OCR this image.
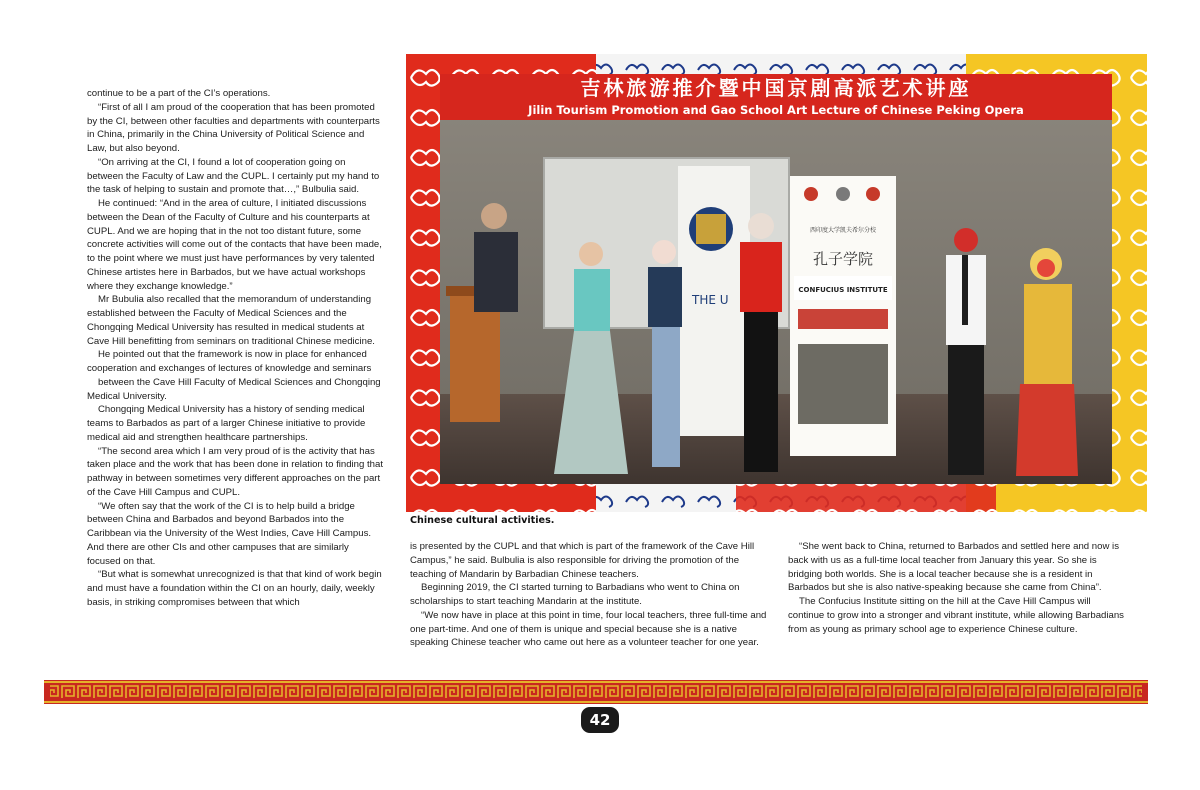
continue to be a part of the CI’s operations.

“First of all I am proud of the cooperation that has been promoted by the CI, between other faculties and departments with counterparts in China, primarily in the China University of Political Science and Law, but also beyond.

“On arriving at the CI, I found a lot of cooperation going on between the Faculty of Law and the CUPL. I certainly put my hand to the task of helping to sustain and promote that…,” Bulbulia said.

He continued: “And in the area of culture, I initiated discussions between the Dean of the Faculty of Culture and his counterparts at CUPL. And we are hoping that in the not too distant future, some concrete activities will come out of the contacts that have been made, to the point where we must just have performances by very talented Chinese artistes here in Barbados, but we have actual workshops where they exchange knowledge.”

Mr Bubulia also recalled that the memorandum of understanding established between the Faculty of Medical Sciences and the Chongqing Medical University has resulted in medical students at Cave Hill benefitting from seminars on traditional Chinese medicine.

He pointed out that the framework is now in place for enhanced cooperation and exchanges of lectures of knowledge and seminars

between the Cave Hill Faculty of Medical Sciences and Chongqing Medical University.

Chongqing Medical University has a history of sending medical teams to Barbados as part of a larger Chinese initiative to provide medical aid and strengthen healthcare partnerships.

“The second area which I am very proud of is the activity that has taken place and the work that has been done in relation to finding that pathway in between sometimes very different approaches on the part of the Cave Hill Campus and CUPL.

“We often say that the work of the CI is to help build a bridge between China and Barbados and beyond Barbados into the Caribbean via the University of the West Indies, Cave Hill Campus. And there are other CIs and other campuses that are similarly focused on that.

“But what is somewhat unrecognized is that that kind of work begin and must have a foundation within the CI on an hourly, daily, weekly basis, in striking compromises between that which

吉林旅游推介暨中国京剧高派艺术讲座
Jilin Tourism Promotion and Gao School Art Lecture of Chinese Peking Opera
THE U
西印度大学凯夫希尔分校
孔子学院
CONFUCIUS INSTITUTE
Chinese cultural activities.

is presented by the CUPL and that which is part of the framework of the Cave Hill Campus,” he said. Bulbulia is also responsible for driving the promotion of the teaching of Mandarin by Barbadian Chinese teachers.

Beginning 2019, the CI started turning to Barbadians who went to China on scholarships to start teaching Mandarin at the institute.

“We now have in place at this point in time, four local teachers, three full-time and one part-time. And one of them is unique and special because she is a native speaking Chinese teacher who came out here as a volunteer teacher for one year.

“She went back to China, returned to Barbados and settled here and now is back with us as a full-time local teacher from January this year. So she is bridging both worlds. She is a local teacher because she is a resident in Barbados but she is also native-speaking because she came from China”.

The Confucius Institute sitting on the hill at the Cave Hill Campus will continue to grow into a stronger and vibrant institute, while allowing Barbadians from as young as primary school age to experience Chinese culture.

42
